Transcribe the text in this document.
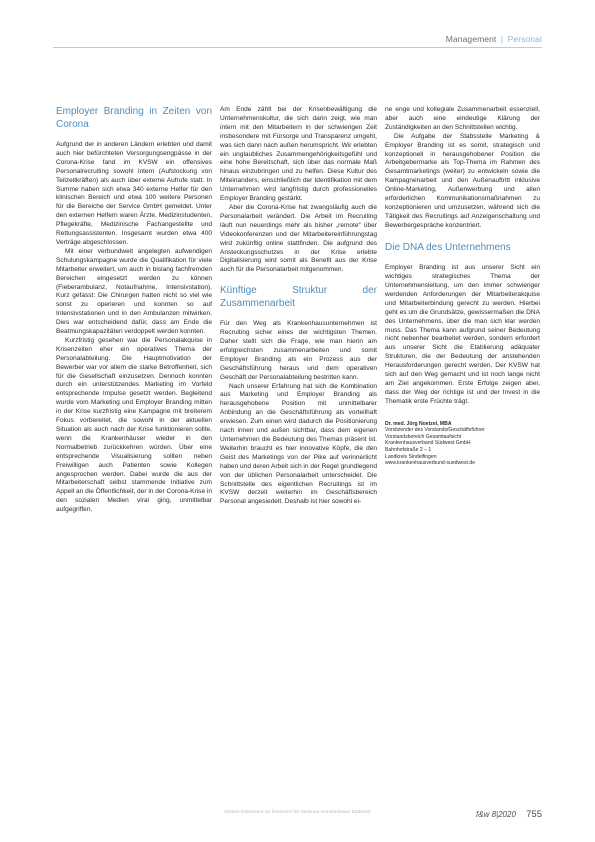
Management | Personal
Employer Branding in Zeiten von Corona

Aufgrund der in anderen Ländern erlebten und damit auch hier befürchteten Versorgungsengpässe in der Corona-Krise fand im KVSW ein offensives Personalrecruiting sowohl intern (Aufstockung von Teilzeitkräften) als auch über externe Aufrufe statt. In Summe haben sich etwa 340 externe Helfer für den klinischen Bereich und etwa 100 weitere Personen für die Bereiche der Service GmbH gemeldet. Unter den externen Helfern waren Ärzte, Medizinstudenten, Pflegekräfte, Medizinische Fachangestellte und Rettungsassistenten. Insgesamt wurden etwa 400 Verträge abgeschlossen.

Mit einer verbundweit angelegten aufwendigen Schulungskampagne wurde die Qualifikation für viele Mitarbeiter erweitert, um auch in bislang fachfremden Bereichen eingesetzt werden zu können (Fieberambulanz, Notaufnahme, Intensivstation). Kurz gefasst: Die Chirurgen hatten nicht so viel wie sonst zu operieren und konnten so auf Intensivstationen und in den Ambulanzen mitwirken. Dies war entscheidend dafür, dass am Ende die Beatmungskapazitäten verdoppelt werden konnten.

Kurzfristig gesehen war die Personalakquise in Krisenzeiten eher ein operatives Thema der Personalabteilung. Die Hauptmotivation der Bewerber war vor allem die starke Betroffenheit, sich für die Gesellschaft einzusetzen. Dennoch konnten durch ein unterstützendes Marketing im Vorfeld entsprechende Impulse gesetzt werden. Begleitend wurde vom Marketing und Employer Branding mitten in der Krise kurzfristig eine Kampagne mit breiterem Fokus vorbereitet, die sowohl in der aktuellen Situation als auch nach der Krise funktionieren sollte, wenn die Krankenhäuser wieder in den Normalbetrieb zurückkehren würden. Über eine entsprechende Visualisierung sollten neben Freiwilligen auch Patienten sowie Kollegen angesprochen werden. Dabei wurde die aus der Mitarbeiterschaft selbst stammende Initiative zum Appell an die Öffentlichkeit, der in der Corona-Krise in den sozialen Medien viral ging, unmittelbar aufgegriffen.

Am Ende zählt bei der Krisenbewältigung die Unternehmenskultur, die sich darin zeigt, wie man intern mit den Mitarbeitern in der schwierigen Zeit insbesondere mit Fürsorge und Transparenz umgeht, was sich dann nach außen herumspricht. Wir erlebten ein unglaubliches Zusammengehörigkeitsgefühl und eine hohe Bereitschaft, sich über das normale Maß hinaus einzubringen und zu helfen. Diese Kultur des Miteinanders, einschließlich der Identifikation mit dem Unternehmen wird langfristig durch professionelles Employer Branding gestärkt.

Aber die Corona-Krise hat zwangsläufig auch die Personalarbeit verändert. Die Arbeit im Recruiting läuft nun neuerdings mehr als bisher „remote“ über Videokonferenzen und der Mitarbeitereinführungstag wird zukünftig online stattfinden. Die aufgrund des Ansteckungsschutzes in der Krise erlebte Digitalisierung wird somit als Benefit aus der Krise auch für die Personalarbeit mitgenommen.

Künftige Struktur der Zusammenarbeit

Für den Weg als Krankenhausunternehmen ist Recruiting sicher eines der wichtigsten Themen. Daher stellt sich die Frage, wie man hierin am erfolgreichsten zusammenarbeiten und somit Employer Branding als ein Prozess aus der Geschäftsführung heraus und dem operativen Geschäft der Personalabteilung bestritten kann.

Nach unserer Erfahrung hat sich die Kombination aus Marketing und Employer Branding als herausgehobene Position mit unmittelbarer Anbindung an die Geschäftsführung als vorteilhaft erwiesen. Zum einen wird dadurch die Positionierung nach innen und außen sichtbar, dass dem eigenen Unternehmen die Bedeutung des Themas präsent ist. Weiterhin braucht es hier innovative Köpfe, die den Geist des Marketings von der Pike auf verinnerlicht haben und deren Arbeit sich in der Regel grundlegend von der üblichen Personalarbeit unterscheidet. Die Schnittstelle des eigentlichen Recruitings ist im KVSW derzeit weiterhin im Geschäftsbereich Personal angesiedelt. Deshalb ist hier sowohl ei-

ne enge und kollegiale Zusammenarbeit essenziell, aber auch eine eindeutige Klärung der Zuständigkeiten an den Schnittstellen wichtig.

Die Aufgabe der Stabsstelle Marketing & Employer Branding ist es somit, strategisch und konzeptionell in herausgehobener Position die Arbeitgebermarke als Top-Thema im Rahmen des Gesamtmarketings (weiter) zu entwickeln sowie die Kampagnenarbeit und den Außenauftritt inklusive Online-Marketing, Außenwerbung und allen erforderlichen Kommunikationsmaßnahmen zu konzeptionieren und umzusetzen, während sich die Tätigkeit des Recruitings auf Anzeigenschaltung und Bewerbergespräche konzentriert.

Die DNA des Unternehmens

Employer Branding ist aus unserer Sicht ein wichtiges strategisches Thema der Unternehmensleitung, um den immer schwieriger werdenden Anforderungen der Mitarbeiterakquise und Mitarbeiterbindung gerecht zu werden. Hierbei geht es um die Grundsätze, gewissermaßen die DNA des Unternehmens, über die man sich klar werden muss. Das Thema kann aufgrund seiner Bedeutung nicht nebenher bearbeitet werden, sondern erfordert aus unserer Sicht die Etablierung adäquater Strukturen, die der Bedeutung der anstehenden Herausforderungen gerecht werden. Der KVSW hat sich auf den Weg gemacht und ist noch lange nicht am Ziel angekommen. Erste Erfolge zeigen aber, dass der Weg der richtige ist und der Invest in die Thematik erste Früchte trägt.

Dr. med. Jörg Noetzel, MBA
Vorsitzender des Vorstands/Geschäftsführer
Vorstandsbereich Gesamtaufsicht
Krankenhausverband Südwest GmbH
Bahnhofstraße 2 – 1
Landkreis Sindelfingen
www.krankenhausverbund-suedwest.de
Dieses Dokument ist lizenziert für Verbund Krankenhaus Südwest	f&w 8|2020 755
